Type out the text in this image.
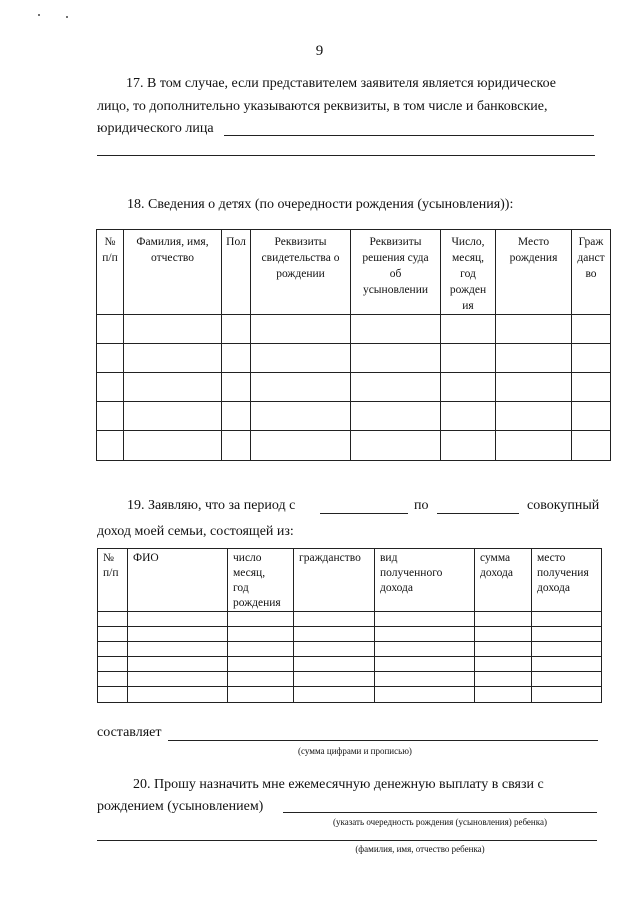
9
17. В том случае, если представителем заявителя является юридическое
лицо, то дополнительно указываются реквизиты, в том числе и банковские,
юридического лица
18. Сведения о детях (по очередности рождения (усыновления)):
№
п/п	Фамилия, имя,
отчество	Пол	Реквизиты
свидетельства о
рождении	Реквизиты
решения суда
об
усыновлении	Число,
месяц,
год
рожден
ия	Место
рождения	Граж
данст
во

19. Заявляю, что за период с	по	совокупный
доход моей семьи, состоящей из:
№
п/п	ФИО	число
месяц,
год
рождения	гражданство	вид
полученного
дохода	сумма
дохода	место
получения
дохода

составляет
(сумма цифрами и прописью)
20. Прошу назначить мне ежемесячную денежную выплату в связи с
рождением (усыновлением)
(указать очередность рождения (усыновления) ребенка)
(фамилия, имя, отчество ребенка)
